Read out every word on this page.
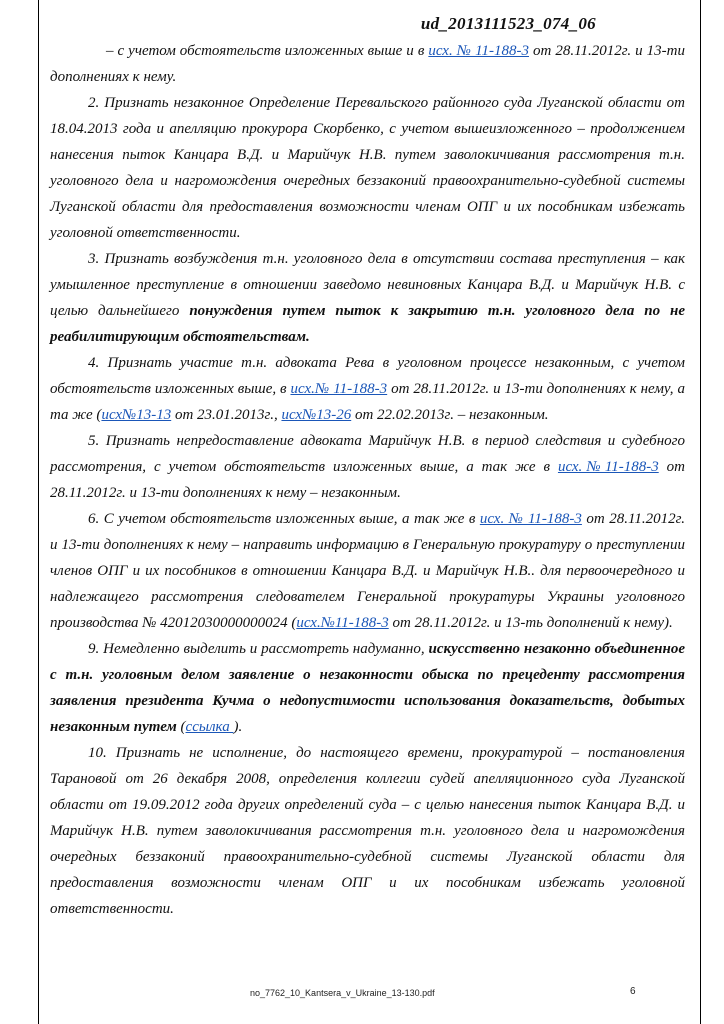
ud_2013111523_074_06

– с учетом обстоятельств изложенных выше и в исх. № 11-188-3 от 28.11.2012г. и 13-ти дополнениях к нему.

2. Признать незаконное Определение Перевальского районного суда Луганской области от 18.04.2013 года и апелляцию прокурора Скорбенко, с учетом вышеизложенного – продолжением нанесения пыток Канцара В.Д. и Марийчук Н.В. путем заволокичивания рассмотрения т.н. уголовного дела и нагромождения очередных беззаконий правоохранительно-судебной системы Луганской области для предоставления возможности членам ОПГ и их пособникам избежать уголовной ответственности.

3. Признать возбуждения т.н. уголовного дела в отсутствии состава преступления – как умышленное преступление в отношении заведомо невиновных Канцара В.Д. и Марийчук Н.В. с целью дальнейшего понуждения путем пыток к закрытию т.н. уголовного дела по не реабилитирующим обстоятельствам.

4. Признать участие т.н. адвоката Рева в уголовном процессе незаконным, с учетом обстоятельств изложенных выше, в исх.№ 11-188-3 от 28.11.2012г. и 13-ти дополнениях к нему, а та же (исх№13-13 от 23.01.2013г., исх№13-26 от 22.02.2013г. – незаконным.

5. Признать непредоставление адвоката Марийчук Н.В. в период следствия и судебного рассмотрения, с учетом обстоятельств изложенных выше, а так же в исх.№11-188-3 от 28.11.2012г. и 13-ти дополнениях к нему – незаконным.

6. С учетом обстоятельств изложенных выше, а так же в исх. № 11-188-3 от 28.11.2012г. и 13-ти дополнениях к нему – направить информацию в Генеральную прокуратуру о преступлении членов ОПГ и их пособников в отношении Канцара В.Д. и Марийчук Н.В.. для первоочередного и надлежащего рассмотрения следователем Генеральной прокуратуры Украины уголовного производства № 42012030000000024 (исх.№11-188-3 от 28.11.2012г. и 13-ть дополнений к нему).

9. Немедленно выделить и рассмотреть надуманно, искусственно незаконно объединенное с т.н. уголовным делом заявление о незаконности обыска по прецеденту рассмотрения заявления президента Кучма о недопустимости использования доказательств, добытых незаконным путем (ссылка ).

10. Признать не исполнение, до настоящего времени, прокуратурой – постановления Тарановой от 26 декабря 2008, определения коллегии судей апелляционного суда Луганской области от 19.09.2012 года других определений суда – с целью нанесения пыток Канцара В.Д. и Марийчук Н.В. путем заволокичивания рассмотрения т.н. уголовного дела и нагромождения очередных беззаконий правоохранительно-судебной системы Луганской области для предоставления возможности членам ОПГ и их пособникам избежать уголовной ответственности.

no_7762_10_Kantsera_v_Ukraine_13-130.pdf	6
